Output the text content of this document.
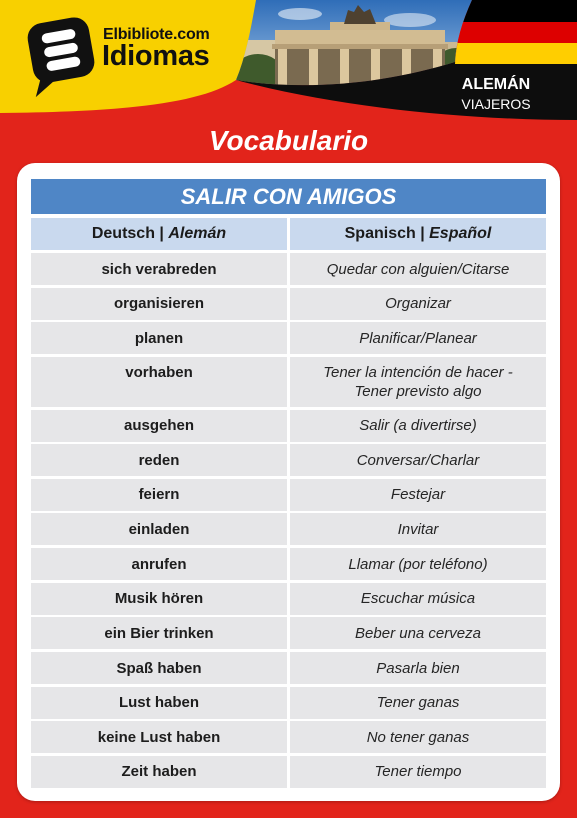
Elbibliote.com
Idiomas
ALEMÁN
VIAJEROS
Vocabulario
SALIR CON AMIGOS
Deutsch | Alemán	Spanisch | Español
sich verabreden	Quedar con alguien/Citarse
organisieren	Organizar
planen	Planificar/Planear
vorhaben	Tener la intención de hacer -
Tener previsto algo
ausgehen	Salir (a divertirse)
reden	Conversar/Charlar
feiern	Festejar
einladen	Invitar
anrufen	Llamar (por teléfono)
Musik hören	Escuchar música
ein Bier trinken	Beber una cerveza
Spaß haben	Pasarla bien
Lust haben	Tener ganas
keine Lust haben	No tener ganas
Zeit haben	Tener tiempo
